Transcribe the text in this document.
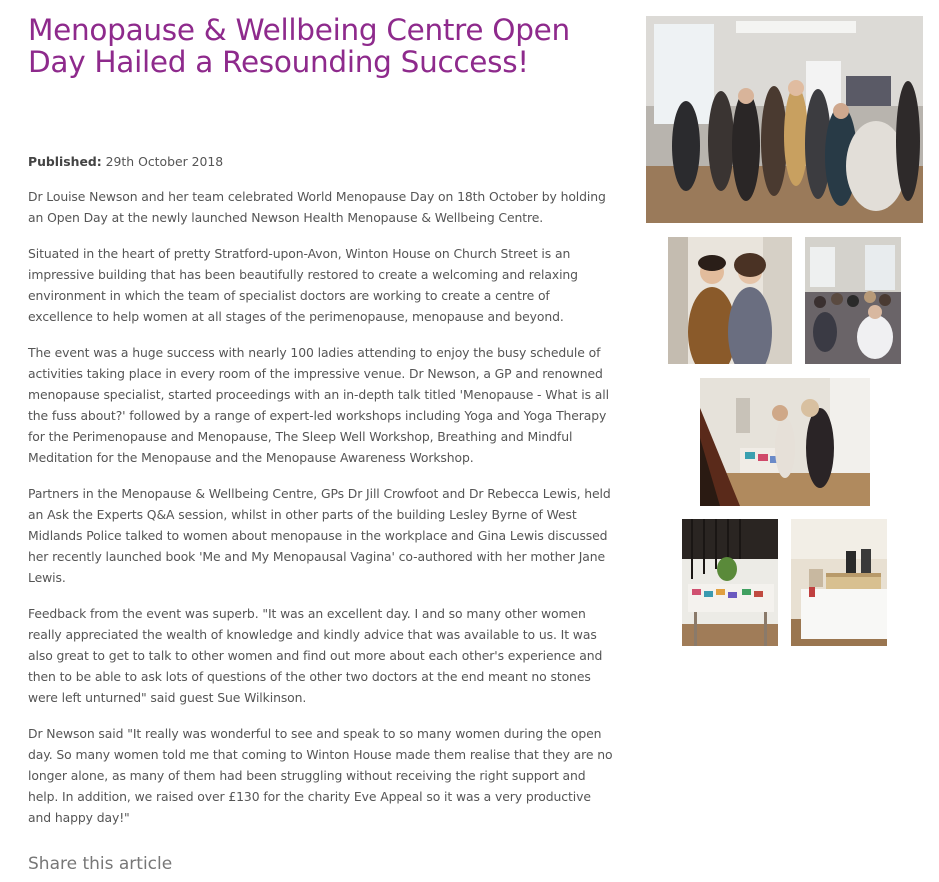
Menopause & Wellbeing Centre Open Day Hailed a Resounding Success!
Published: 29th October 2018

Dr Louise Newson and her team celebrated World Menopause Day on 18th October by holding an Open Day at the newly launched Newson Health Menopause & Wellbeing Centre.

Situated in the heart of pretty Stratford-upon-Avon, Winton House on Church Street is an impressive building that has been beautifully restored to create a welcoming and relaxing environment in which the team of specialist doctors are working to create a centre of excellence to help women at all stages of the perimenopause, menopause and beyond.

The event was a huge success with nearly 100 ladies attending to enjoy the busy schedule of activities taking place in every room of the impressive venue. Dr Newson, a GP and renowned menopause specialist, started proceedings with an in-depth talk titled 'Menopause - What is all the fuss about?' followed by a range of expert-led workshops including Yoga and Yoga Therapy for the Perimenopause and Menopause, The Sleep Well Workshop, Breathing and Mindful Meditation for the Menopause and the Menopause Awareness Workshop.

Partners in the Menopause & Wellbeing Centre, GPs Dr Jill Crowfoot and Dr Rebecca Lewis, held an Ask the Experts Q&A session, whilst in other parts of the building Lesley Byrne of West Midlands Police talked to women about menopause in the workplace and Gina Lewis discussed her recently launched book 'Me and My Menopausal Vagina' co-authored with her mother Jane Lewis.

Feedback from the event was superb. "It was an excellent day. I and so many other women really appreciated the wealth of knowledge and kindly advice that was available to us. It was also great to get to talk to other women and find out more about each other's experience and then to be able to ask lots of questions of the other two doctors at the end meant no stones were left unturned" said guest Sue Wilkinson.

Dr Newson said "It really was wonderful to see and speak to so many women during the open day. So many women told me that coming to Winton House made them realise that they are no longer alone, as many of them had been struggling without receiving the right support and help. In addition, we raised over £130 for the charity Eve Appeal so it was a very productive and happy day!"

Share this article
